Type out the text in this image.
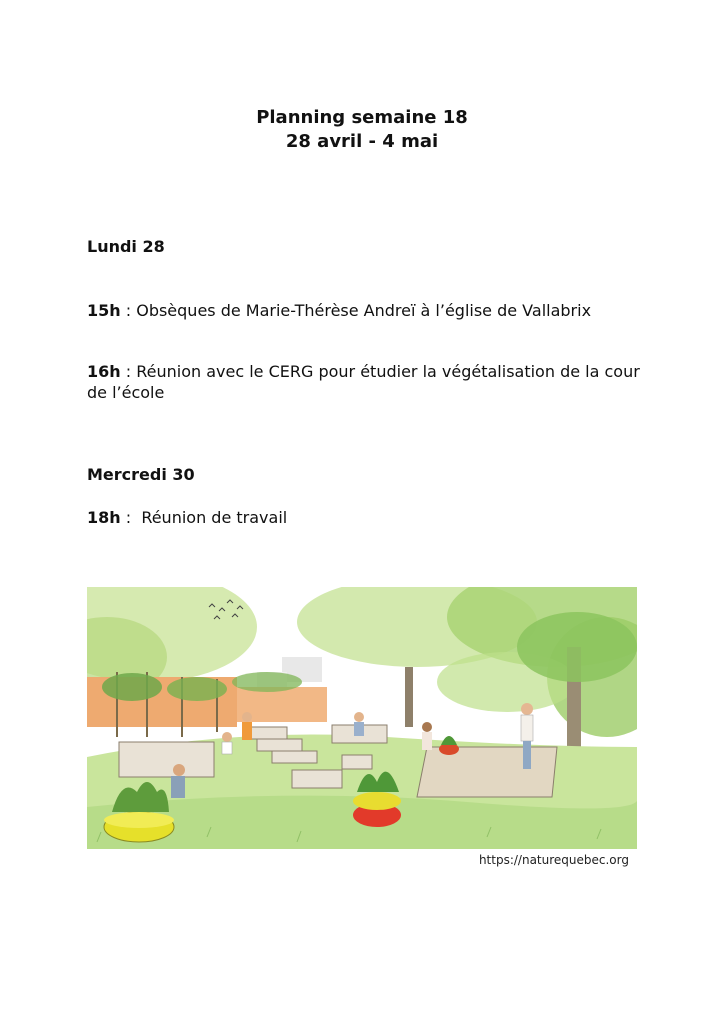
Planning semaine 18
28 avril - 4 mai
Lundi 28
15h : Obsèques de Marie-Thérèse Andreï à l’église de Vallabrix
16h : Réunion avec le CERG pour étudier la végétalisation de la cour de l’école
Mercredi 30
18h :  Réunion de travail
https://naturequebec.org
